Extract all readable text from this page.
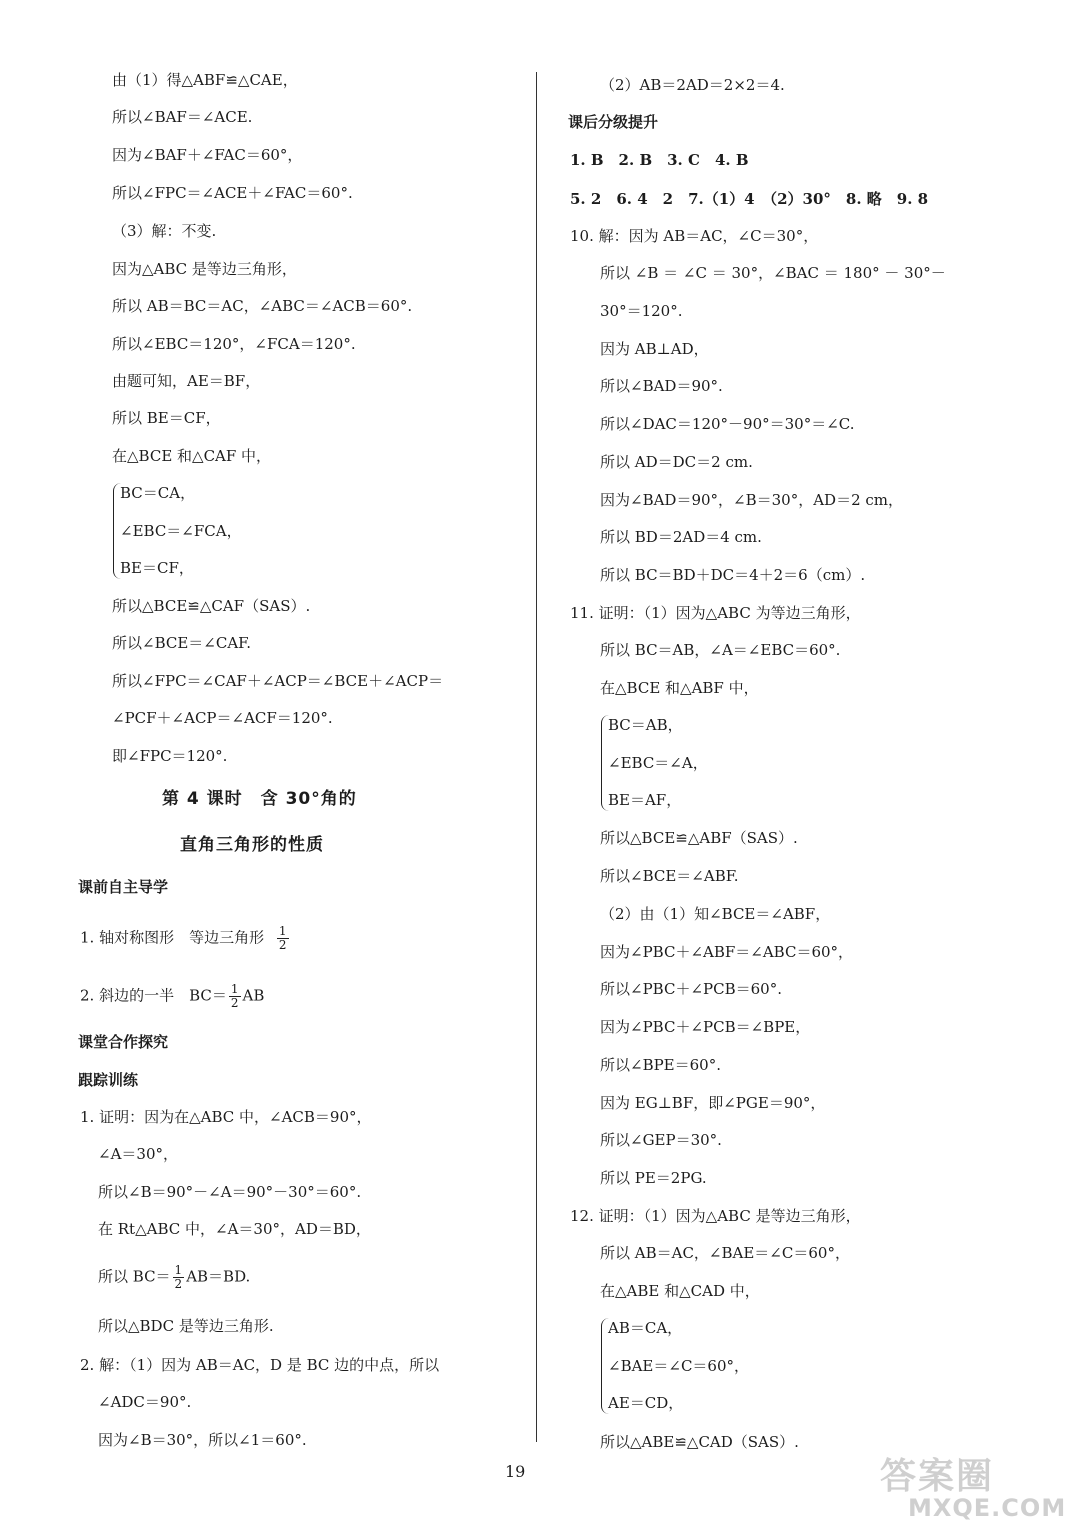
由（1）得△ABF≌△CAE，
所以∠BAF＝∠ACE.
因为∠BAF＋∠FAC＝60°，
所以∠FPC＝∠ACE＋∠FAC＝60°.
（3）解：不变.
因为△ABC 是等边三角形，
所以 AB＝BC＝AC，∠ABC＝∠ACB＝60°.
所以∠EBC＝120°，∠FCA＝120°.
由题可知，AE＝BF，
所以 BE＝CF，
在△BCE 和△CAF 中，
BC＝CA，
∠EBC＝∠FCA，
BE＝CF，
所以△BCE≌△CAF（SAS）.
所以∠BCE＝∠CAF.
所以∠FPC＝∠CAF＋∠ACP＝∠BCE＋∠ACP＝
∠PCF＋∠ACP＝∠ACF＝120°.
即∠FPC＝120°.
第 4 课时　含 30°角的
直角三角形的性质
课前自主导学
1. 轴对称图形　等边三角形 $\frac{1}{2}$
2. 斜边的一半　$BC= \frac{1}{2}$ AB
课堂合作探究
跟踪训练
1. 证明：因为在△ABC 中，∠ACB＝90°，
∠A＝30°，
所以∠B＝90°－∠A＝90°－30°＝60°.
在 Rt△ABC 中，∠A＝30°，AD＝BD，
所以 $BC= \frac{1}{2} AB=BD$.
所以△BDC 是等边三角形.
2. 解：（1）因为 AB＝AC，D 是 BC 边的中点，所以
∠ADC＝90°.
因为∠B＝30°，所以∠1＝60°.
（2）AB＝2AD＝2×2＝4.
课后分级提升
1. B　2. B　3. C　4. B
5. 2　6. 4　2　7.（1）4　（2）30°　8. 略　9. 8
10. 解：因为 AB＝AC，∠C＝30°，
所以 ∠B ＝ ∠C ＝ 30°，∠BAC ＝ 180° － 30°－
30°＝120°.
因为 AB⊥AD，
所以∠BAD＝90°.
所以∠DAC＝120°－90°＝30°＝∠C.
所以 AD＝DC＝2 cm.
因为∠BAD＝90°，∠B＝30°，AD＝2 cm，
所以 BD＝2AD＝4 cm.
所以 BC＝BD＋DC＝4＋2＝6（cm）.
11. 证明：（1）因为△ABC 为等边三角形，
所以 BC＝AB，∠A＝∠EBC＝60°.
在△BCE 和△ABF 中，
BC＝AB，
∠EBC＝∠A，
BE＝AF，
所以△BCE≌△ABF（SAS）.
所以∠BCE＝∠ABF.
（2）由（1）知∠BCE＝∠ABF，
因为∠PBC＋∠ABF＝∠ABC＝60°，
所以∠PBC＋∠PCB＝60°.
因为∠PBC＋∠PCB＝∠BPE，
所以∠BPE＝60°.
因为 EG⊥BF，即∠PGE＝90°，
所以∠GEP＝30°.
所以 PE＝2PG.
12. 证明：（1）因为△ABC 是等边三角形，
所以 AB＝AC，∠BAE＝∠C＝60°，
在△ABE 和△CAD 中，
AB＝CA，
∠BAE＝∠C＝60°，
AE＝CD，
所以△ABE≌△CAD（SAS）.
19	答案圈
MXQE.COM
